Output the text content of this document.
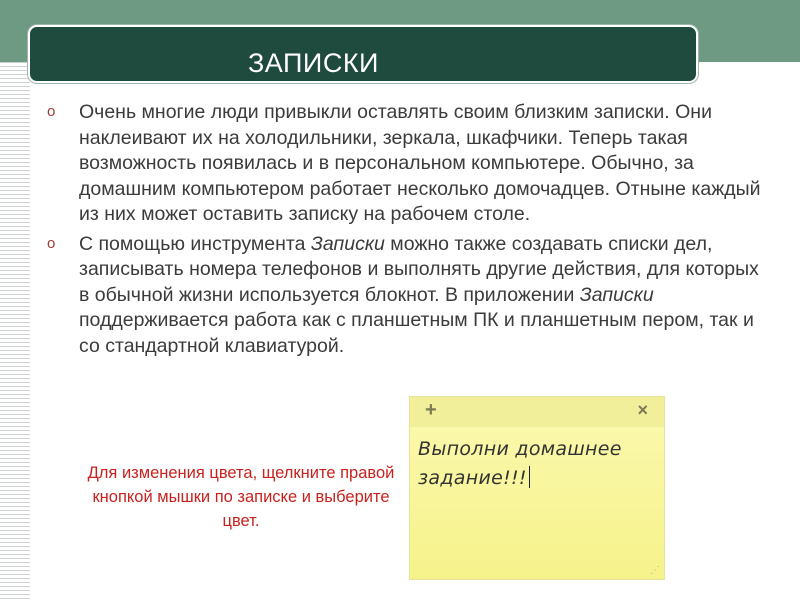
ЗАПИСКИ
o Очень многие люди привыкли оставлять своим близким записки. Они наклеивают их на холодильники, зеркала, шкафчики. Теперь такая возможность появилась и в персональном компьютере. Обычно, за домашним компьютером работает несколько домочадцев. Отныне каждый из них может оставить записку на рабочем столе.
o С помощью инструмента Записки можно также создавать списки дел, записывать номера телефонов и выполнять другие действия, для которых в обычной жизни используется блокнот. В приложении Записки поддерживается работа как с планшетным ПК и планшетным пером, так и со стандартной клавиатурой.
Для изменения цвета, щелкните правой кнопкой мышки по записке и выберите цвет.
+	×
Выполни домашнее задание!!!
⋰
